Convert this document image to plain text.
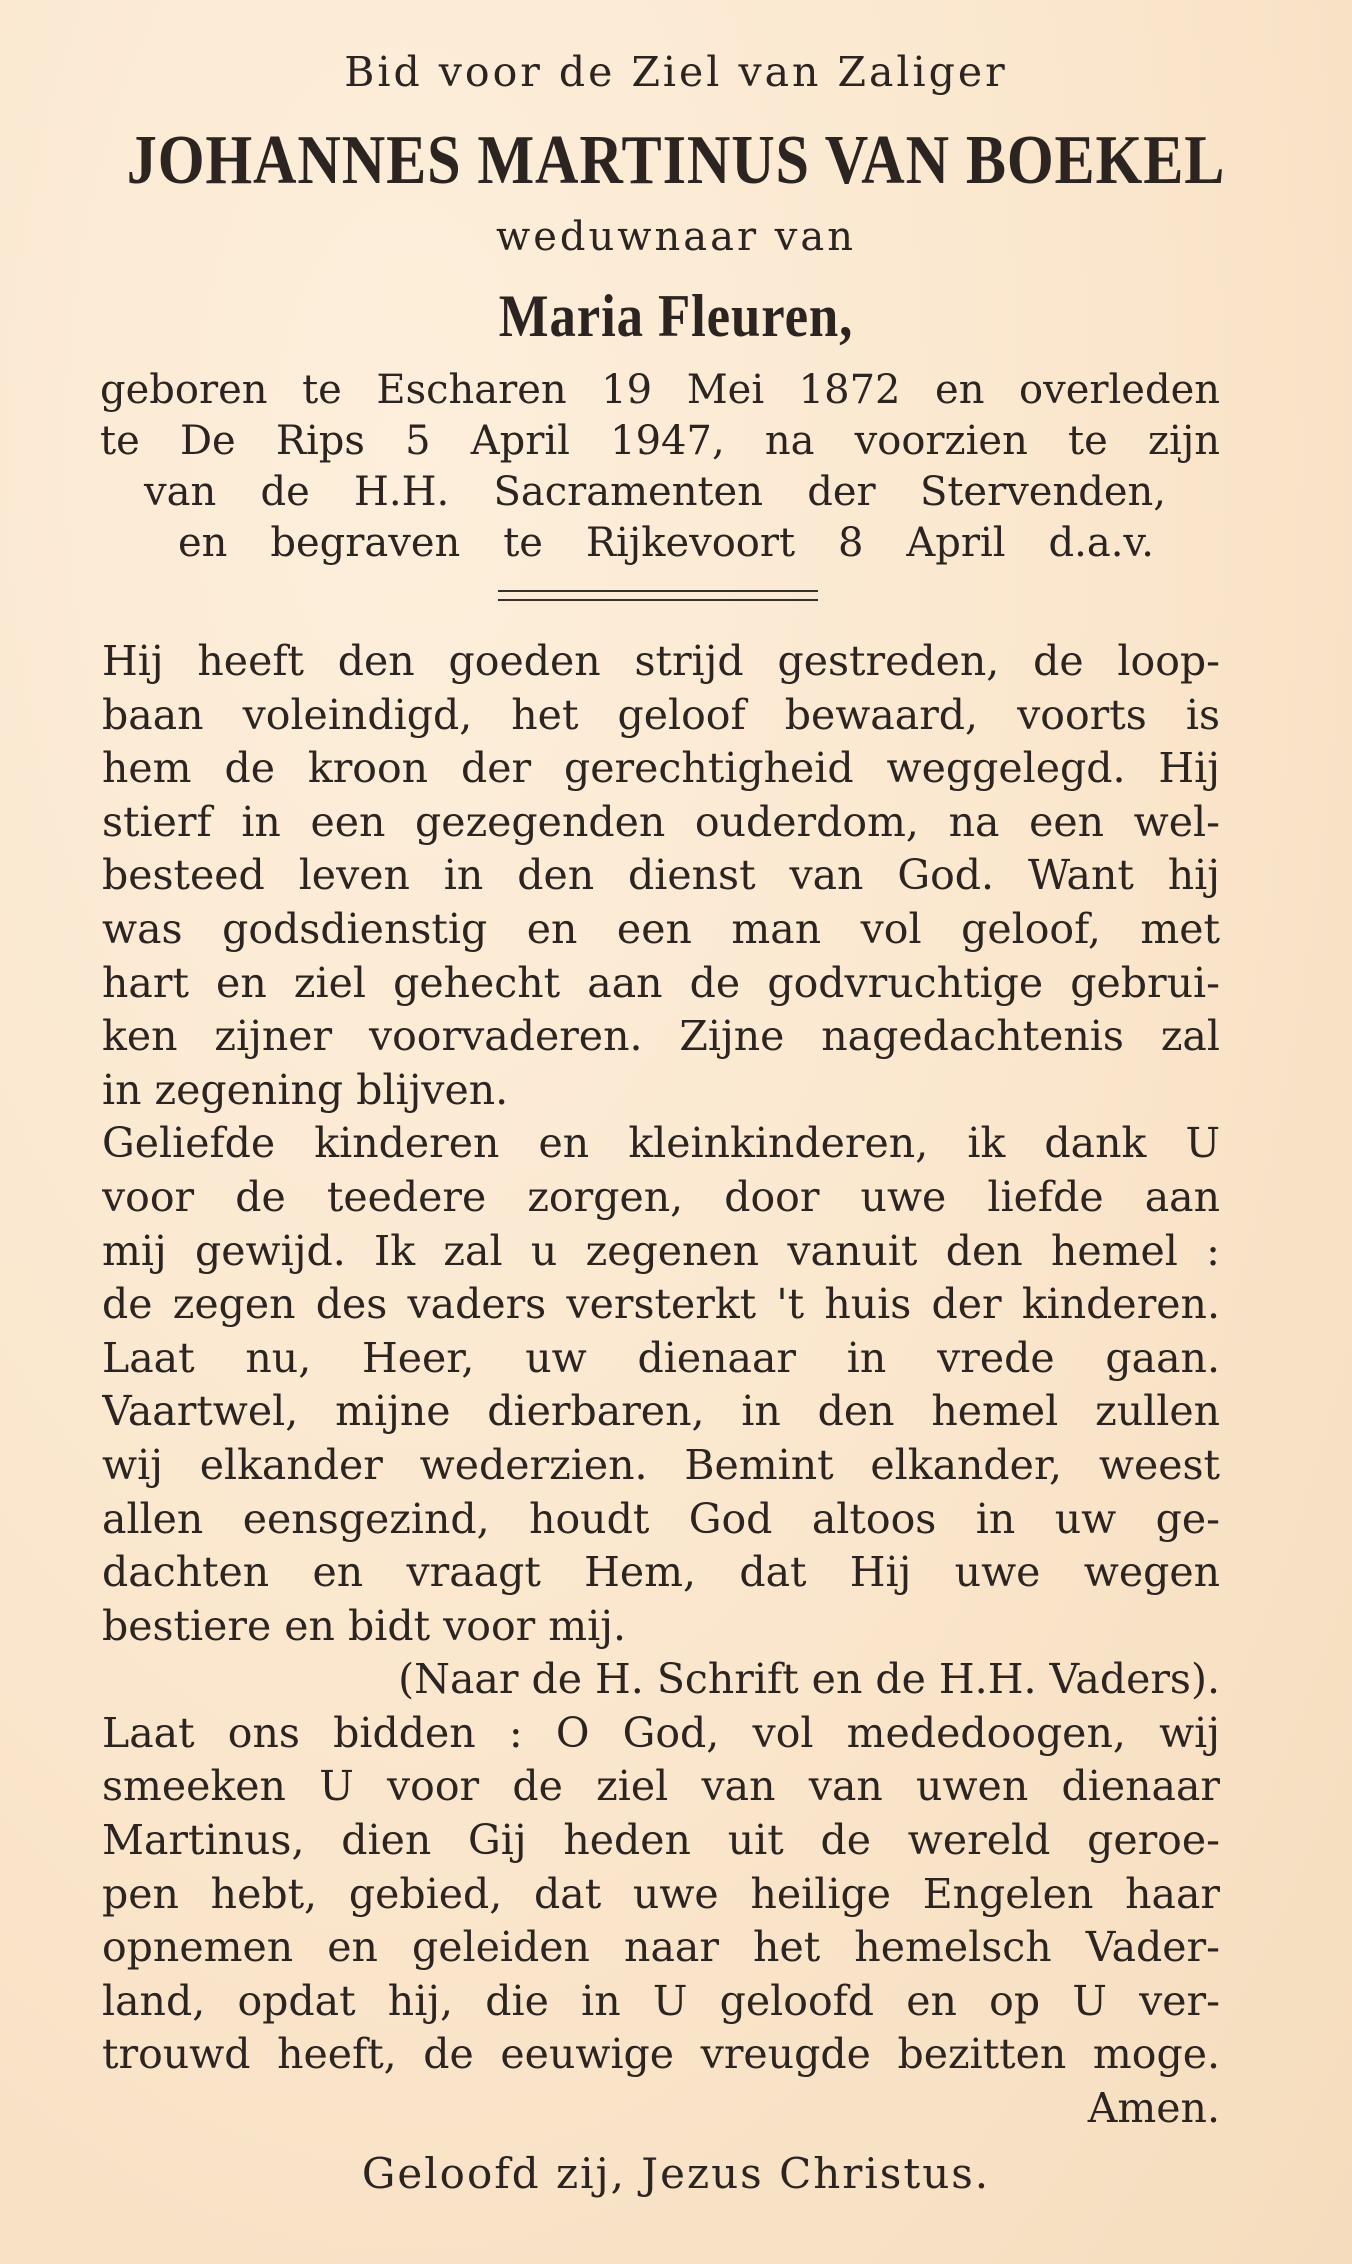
Bid voor de Ziel van Zaliger
JOHANNES MARTINUS VAN BOEKEL
weduwnaar van
Maria Fleuren,
geboren te Escharen 19 Mei 1872 en overleden
te De Rips 5 April 1947, na voorzien te zijn
van de H.H. Sacramenten der Stervenden,
en begraven te Rijkevoort 8 April d.a.v.
Hij heeft den goeden strijd gestreden, de loop-
baan voleindigd, het geloof bewaard, voorts is
hem de kroon der gerechtigheid weggelegd. Hij
stierf in een gezegenden ouderdom, na een wel-
besteed leven in den dienst van God. Want hij
was godsdienstig en een man vol geloof, met
hart en ziel gehecht aan de godvruchtige gebrui-
ken zijner voorvaderen. Zijne nagedachtenis zal
in zegening blijven.
Geliefde kinderen en kleinkinderen, ik dank U
voor de teedere zorgen, door uwe liefde aan
mij gewijd. Ik zal u zegenen vanuit den hemel :
de zegen des vaders versterkt 't huis der kinderen.
Laat nu, Heer, uw dienaar in vrede gaan.
Vaartwel, mijne dierbaren, in den hemel zullen
wij elkander wederzien. Bemint elkander, weest
allen eensgezind, houdt God altoos in uw ge-
dachten en vraagt Hem, dat Hij uwe wegen
bestiere en bidt voor mij.
(Naar de H. Schrift en de H.H. Vaders).
Laat ons bidden : O God, vol mededoogen, wij
smeeken U voor de ziel van van uwen dienaar
Martinus, dien Gij heden uit de wereld geroe-
pen hebt, gebied, dat uwe heilige Engelen haar
opnemen en geleiden naar het hemelsch Vader-
land, opdat hij, die in U geloofd en op U ver-
trouwd heeft, de eeuwige vreugde bezitten moge.
Amen.
Geloofd zij, Jezus Christus.
